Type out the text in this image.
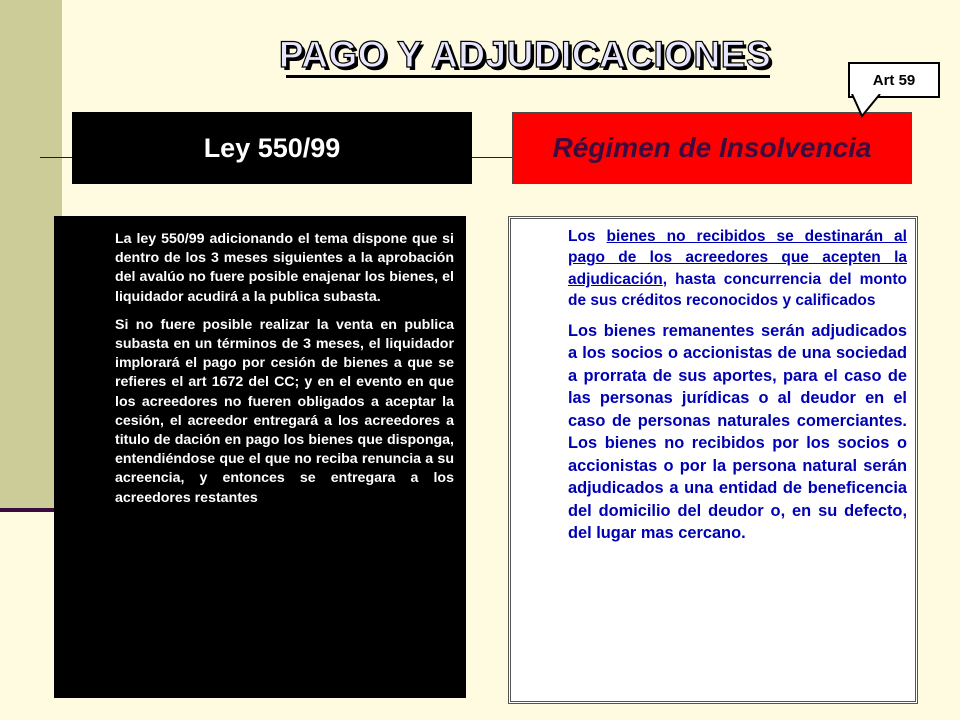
PAGO Y ADJUDICACIONES
Ley 550/99	Régimen de Insolvencia
Art 59

La ley 550/99 adicionando el tema dispone que si dentro de los 3 meses siguientes a la aprobación del avalúo no fuere posible enajenar los bienes, el liquidador acudirá a la publica subasta.

Si no fuere posible realizar la venta en publica subasta en un términos de 3 meses, el liquidador implorará el pago por cesión de bienes a que se refieres el art 1672 del CC; y en el evento en que los acreedores no fueren obligados a aceptar la cesión, el acreedor entregará a los acreedores a titulo de dación en pago los bienes que disponga, entendiéndose que el que no reciba renuncia a su acreencia, y entonces se entregara a los acreedores restantes

Los bienes no recibidos se destinarán al pago de los acreedores que acepten la adjudicación, hasta concurrencia del monto de sus créditos reconocidos y calificados

Los bienes remanentes serán adjudicados a los socios o accionistas de una sociedad a prorrata de sus aportes, para el caso de las personas jurídicas o al deudor en el caso de personas naturales comerciantes. Los bienes no recibidos por los socios o accionistas o por la persona natural serán adjudicados a una entidad de beneficencia del domicilio del deudor o, en su defecto, del lugar mas cercano.
